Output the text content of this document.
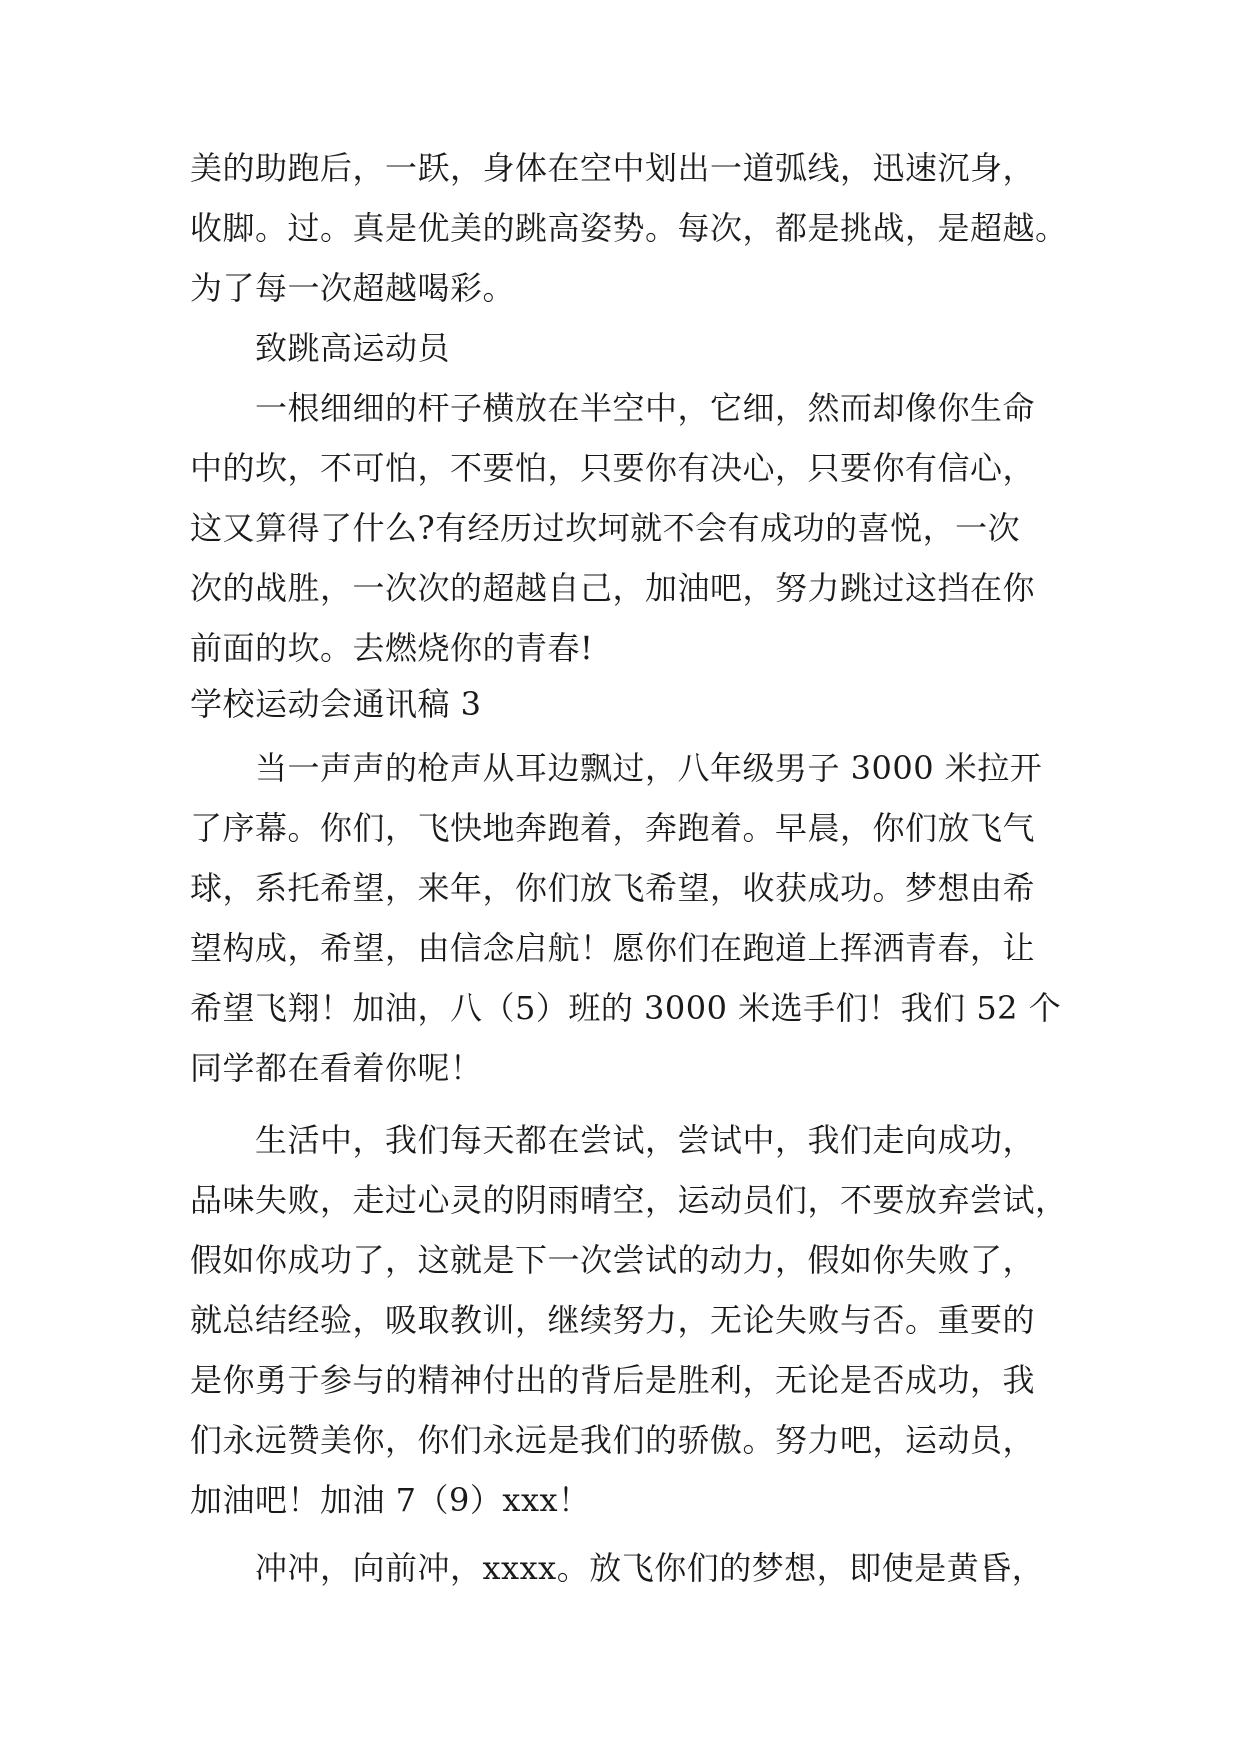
美的助跑后，一跃，身体在空中划出一道弧线，迅速沉身，
收脚。过。真是优美的跳高姿势。每次，都是挑战，是超越。
为了每一次超越喝彩。
致跳高运动员
一根细细的杆子横放在半空中，它细，然而却像你生命
中的坎，不可怕，不要怕，只要你有决心，只要你有信心，
这又算得了什么?有经历过坎坷就不会有成功的喜悦，一次
次的战胜，一次次的超越自己，加油吧，努力跳过这挡在你
前面的坎。去燃烧你的青春!
学校运动会通讯稿 3
当一声声的枪声从耳边飘过，八年级男子 3000 米拉开
了序幕。你们，飞快地奔跑着，奔跑着。早晨，你们放飞气
球，系托希望，来年，你们放飞希望，收获成功。梦想由希
望构成，希望，由信念启航！愿你们在跑道上挥洒青春，让
希望飞翔！加油，八（5）班的 3000 米选手们！我们 52 个
同学都在看着你呢！
生活中，我们每天都在尝试，尝试中，我们走向成功，
品味失败，走过心灵的阴雨晴空，运动员们，不要放弃尝试，
假如你成功了，这就是下一次尝试的动力，假如你失败了，
就总结经验，吸取教训，继续努力，无论失败与否。重要的
是你勇于参与的精神付出的背后是胜利，无论是否成功，我
们永远赞美你，你们永远是我们的骄傲。努力吧，运动员，
加油吧！加油 7（9）xxx！
冲冲，向前冲，xxxx。放飞你们的梦想，即使是黄昏，
